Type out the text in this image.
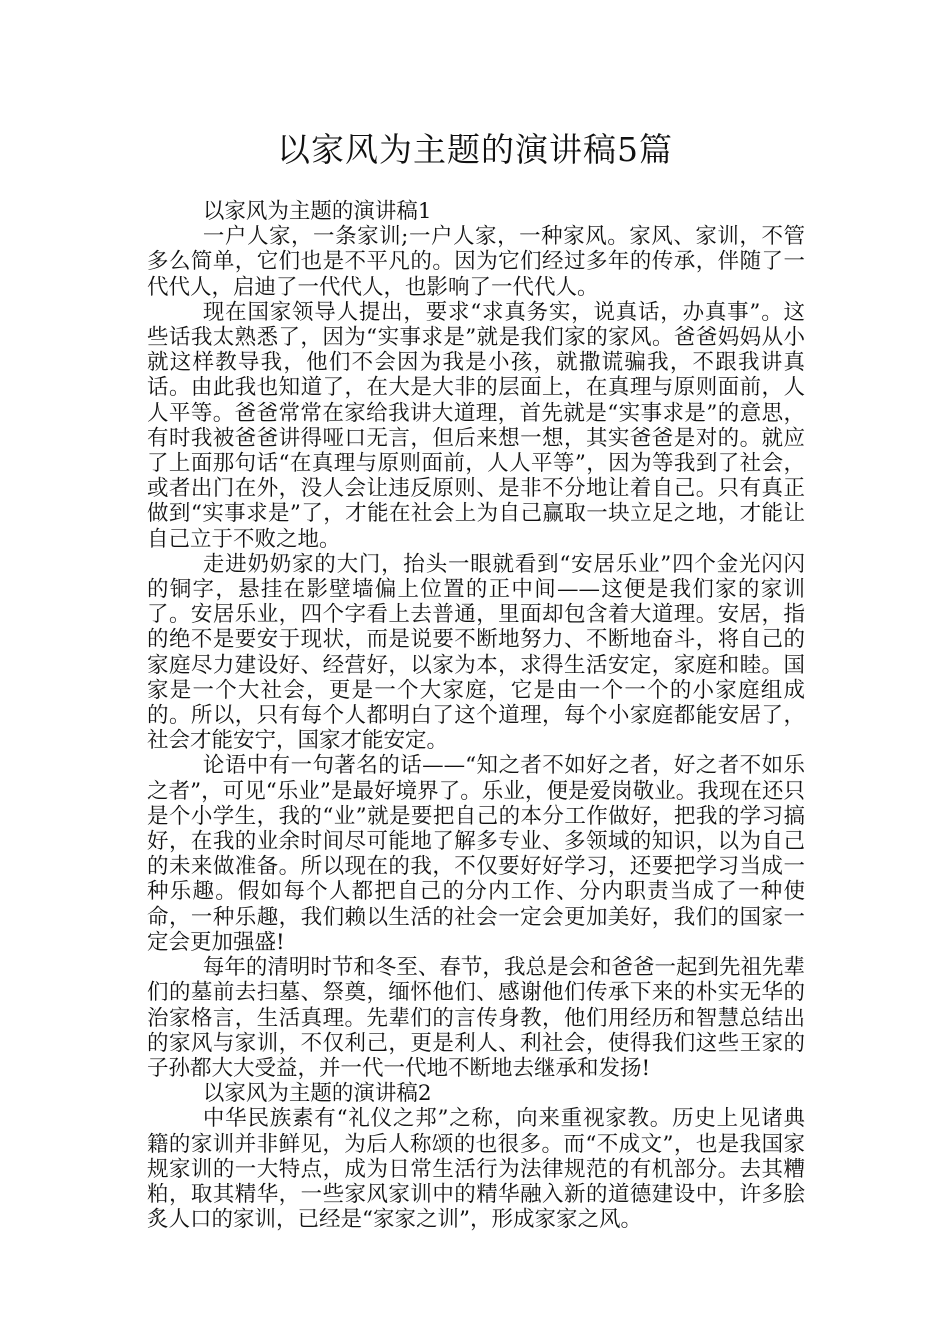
以家风为主题的演讲稿5篇

以家风为主题的演讲稿1

一户人家，一条家训;一户人家，一种家风。家风、家训，不管多么简单，它们也是不平凡的。因为它们经过多年的传承，伴随了一代代人，启迪了一代代人，也影响了一代代人。

现在国家领导人提出，要求“求真务实，说真话，办真事”。这些话我太熟悉了，因为“实事求是”就是我们家的家风。爸爸妈妈从小就这样教导我，他们不会因为我是小孩，就撒谎骗我，不跟我讲真话。由此我也知道了，在大是大非的层面上，在真理与原则面前，人人平等。爸爸常常在家给我讲大道理，首先就是“实事求是”的意思，有时我被爸爸讲得哑口无言，但后来想一想，其实爸爸是对的。就应了上面那句话“在真理与原则面前，人人平等”，因为等我到了社会，或者出门在外，没人会让违反原则、是非不分地让着自己。只有真正做到“实事求是”了，才能在社会上为自己赢取一块立足之地，才能让自己立于不败之地。

走进奶奶家的大门，抬头一眼就看到“安居乐业”四个金光闪闪的铜字，悬挂在影壁墙偏上位置的正中间——这便是我们家的家训了。安居乐业，四个字看上去普通，里面却包含着大道理。安居，指的绝不是要安于现状，而是说要不断地努力、不断地奋斗，将自己的家庭尽力建设好、经营好，以家为本，求得生活安定，家庭和睦。国家是一个大社会，更是一个大家庭，它是由一个一个的小家庭组成的。所以，只有每个人都明白了这个道理，每个小家庭都能安居了，社会才能安宁，国家才能安定。

论语中有一句著名的话——“知之者不如好之者，好之者不如乐之者”，可见“乐业”是最好境界了。乐业，便是爱岗敬业。我现在还只是个小学生，我的“业”就是要把自己的本分工作做好，把我的学习搞好，在我的业余时间尽可能地了解多专业、多领域的知识，以为自己的未来做准备。所以现在的我，不仅要好好学习，还要把学习当成一种乐趣。假如每个人都把自己的分内工作、分内职责当成了一种使命，一种乐趣，我们赖以生活的社会一定会更加美好，我们的国家一定会更加强盛!

每年的清明时节和冬至、春节，我总是会和爸爸一起到先祖先辈们的墓前去扫墓、祭奠，缅怀他们、感谢他们传承下来的朴实无华的治家格言，生活真理。先辈们的言传身教，他们用经历和智慧总结出的家风与家训，不仅利己，更是利人、利社会，使得我们这些王家的子孙都大大受益，并一代一代地不断地去继承和发扬!

以家风为主题的演讲稿2

中华民族素有“礼仪之邦”之称，向来重视家教。历史上见诸典籍的家训并非鲜见，为后人称颂的也很多。而“不成文”，也是我国家规家训的一大特点，成为日常生活行为法律规范的有机部分。去其糟粕，取其精华，一些家风家训中的精华融入新的道德建设中，许多脍炙人口的家训，已经是“家家之训”，形成家家之风。
